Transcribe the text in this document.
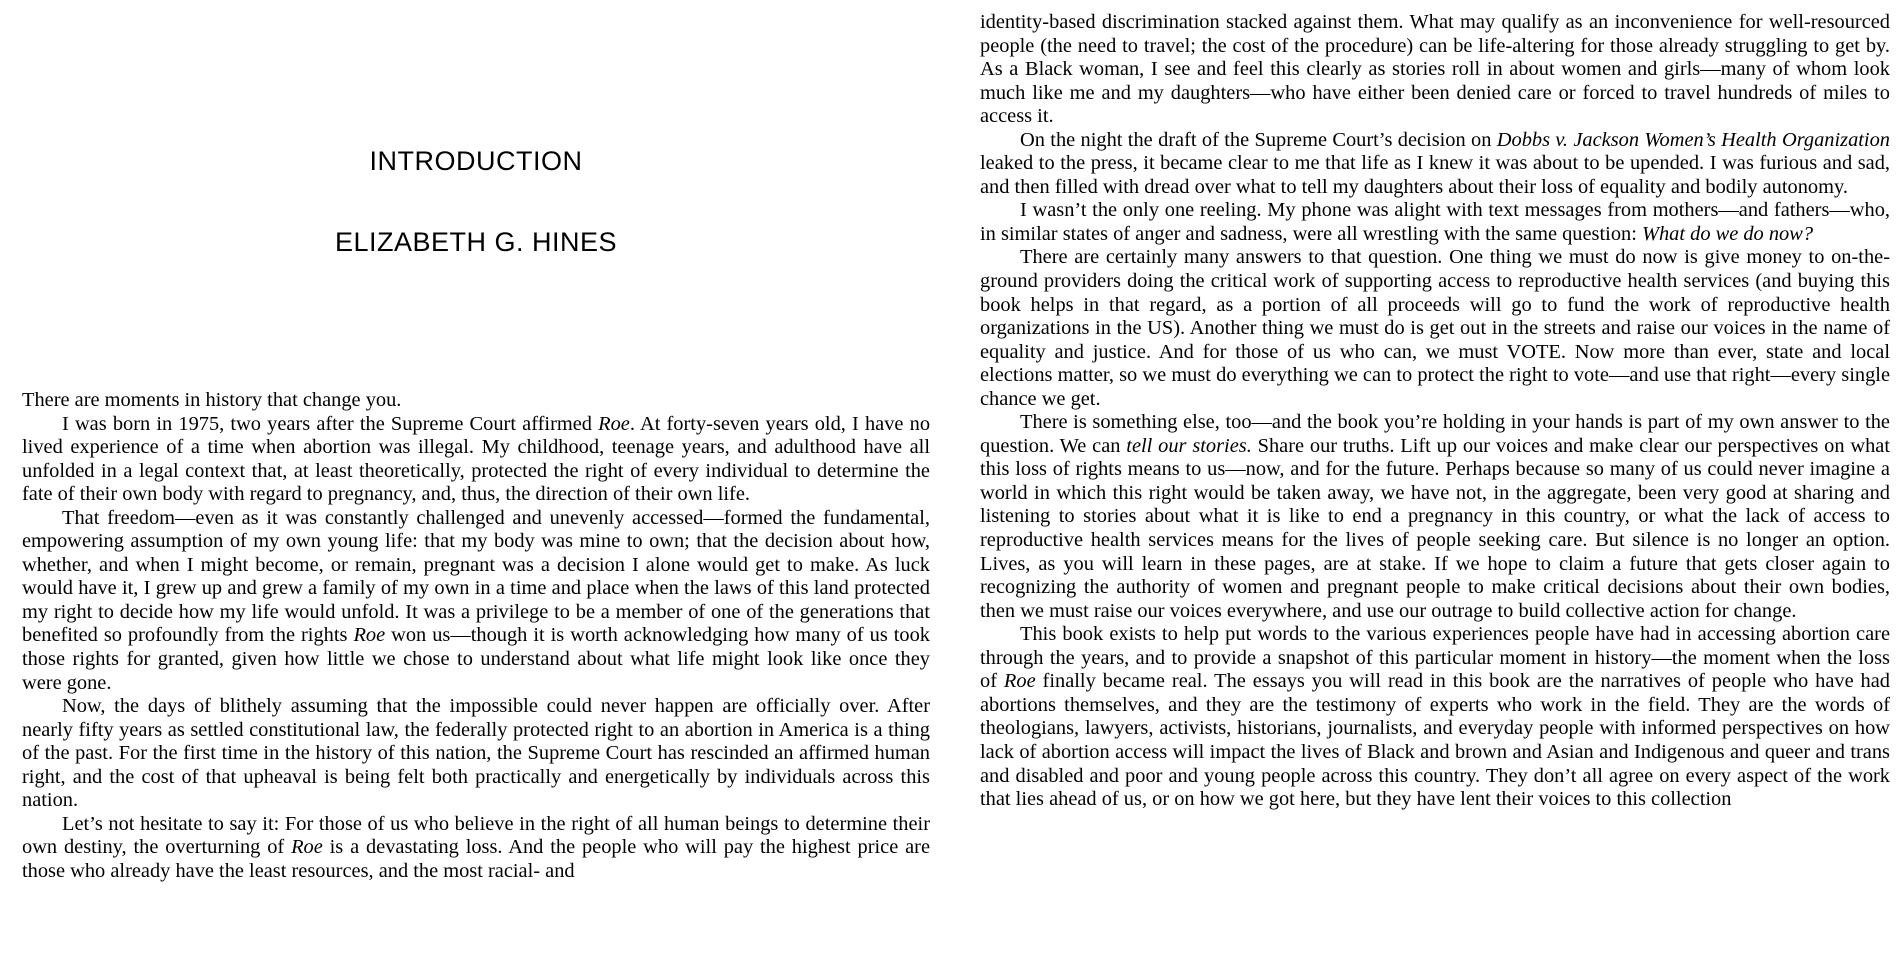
INTRODUCTION
ELIZABETH G. HINES

There are moments in history that change you.

I was born in 1975, two years after the Supreme Court affirmed Roe. At forty-seven years old, I have no lived experience of a time when abortion was illegal. My childhood, teenage years, and adulthood have all unfolded in a legal context that, at least theoretically, protected the right of every individual to determine the fate of their own body with regard to pregnancy, and, thus, the direction of their own life.

That freedom—even as it was constantly challenged and unevenly accessed—formed the fundamental, empowering assumption of my own young life: that my body was mine to own; that the decision about how, whether, and when I might become, or remain, pregnant was a decision I alone would get to make. As luck would have it, I grew up and grew a family of my own in a time and place when the laws of this land protected my right to decide how my life would unfold. It was a privilege to be a member of one of the generations that benefited so profoundly from the rights Roe won us—though it is worth acknowledging how many of us took those rights for granted, given how little we chose to understand about what life might look like once they were gone.

Now, the days of blithely assuming that the impossible could never happen are officially over. After nearly fifty years as settled constitutional law, the federally protected right to an abortion in America is a thing of the past. For the first time in the history of this nation, the Supreme Court has rescinded an affirmed human right, and the cost of that upheaval is being felt both practically and energetically by individuals across this nation.

Let’s not hesitate to say it: For those of us who believe in the right of all human beings to determine their own destiny, the overturning of Roe is a devastating loss. And the people who will pay the highest price are those who already have the least resources, and the most racial- and

identity-based discrimination stacked against them. What may qualify as an inconvenience for well-resourced people (the need to travel; the cost of the procedure) can be life-altering for those already struggling to get by. As a Black woman, I see and feel this clearly as stories roll in about women and girls—many of whom look much like me and my daughters—who have either been denied care or forced to travel hundreds of miles to access it.

On the night the draft of the Supreme Court’s decision on Dobbs v. Jackson Women’s Health Organization leaked to the press, it became clear to me that life as I knew it was about to be upended. I was furious and sad, and then filled with dread over what to tell my daughters about their loss of equality and bodily autonomy.

I wasn’t the only one reeling. My phone was alight with text messages from mothers—and fathers—who, in similar states of anger and sadness, were all wrestling with the same question: What do we do now?

There are certainly many answers to that question. One thing we must do now is give money to on-the-ground providers doing the critical work of supporting access to reproductive health services (and buying this book helps in that regard, as a portion of all proceeds will go to fund the work of reproductive health organizations in the US). Another thing we must do is get out in the streets and raise our voices in the name of equality and justice. And for those of us who can, we must VOTE. Now more than ever, state and local elections matter, so we must do everything we can to protect the right to vote—and use that right—every single chance we get.

There is something else, too—and the book you’re holding in your hands is part of my own answer to the question. We can tell our stories. Share our truths. Lift up our voices and make clear our perspectives on what this loss of rights means to us—now, and for the future. Perhaps because so many of us could never imagine a world in which this right would be taken away, we have not, in the aggregate, been very good at sharing and listening to stories about what it is like to end a pregnancy in this country, or what the lack of access to reproductive health services means for the lives of people seeking care. But silence is no longer an option. Lives, as you will learn in these pages, are at stake. If we hope to claim a future that gets closer again to recognizing the authority of women and pregnant people to make critical decisions about their own bodies, then we must raise our voices everywhere, and use our outrage to build collective action for change.

This book exists to help put words to the various experiences people have had in accessing abortion care through the years, and to provide a snapshot of this particular moment in history—the moment when the loss of Roe finally became real. The essays you will read in this book are the narratives of people who have had abortions themselves, and they are the testimony of experts who work in the field. They are the words of theologians, lawyers, activists, historians, journalists, and everyday people with informed perspectives on how lack of abortion access will impact the lives of Black and brown and Asian and Indigenous and queer and trans and disabled and poor and young people across this country. They don’t all agree on every aspect of the work that lies ahead of us, or on how we got here, but they have lent their voices to this collection
